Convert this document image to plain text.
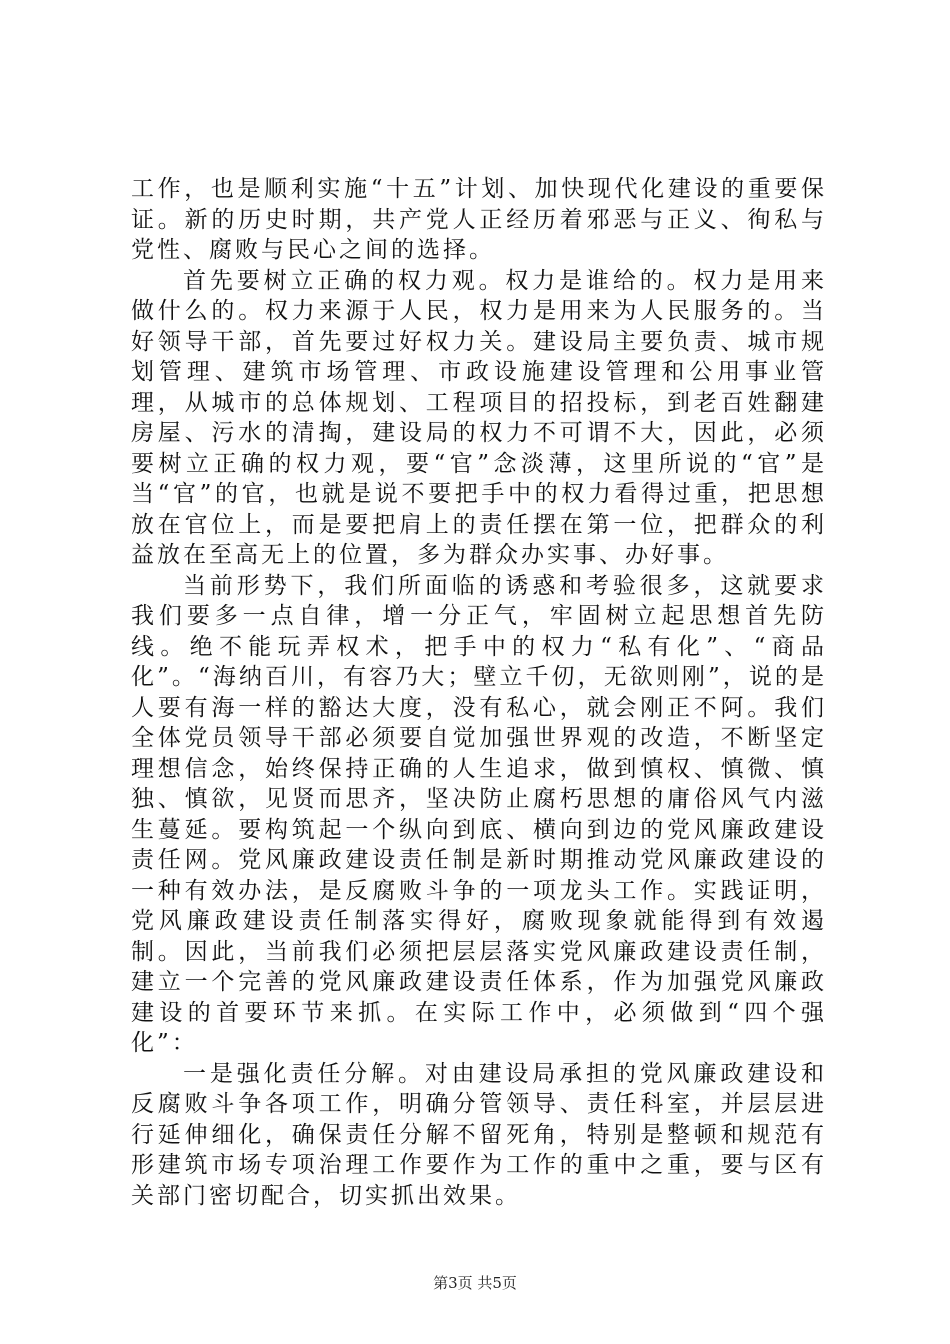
工作，也是顺利实施“十五”计划、加快现代化建设的重要保证。新的历史时期，共产党人正经历着邪恶与正义、徇私与党性、腐败与民心之间的选择。

首先要树立正确的权力观。权力是谁给的。权力是用来做什么的。权力来源于人民，权力是用来为人民服务的。当好领导干部，首先要过好权力关。建设局主要负责、城市规划管理、建筑市场管理、市政设施建设管理和公用事业管理，从城市的总体规划、工程项目的招投标，到老百姓翻建房屋、污水的清掏，建设局的权力不可谓不大，因此，必须要树立正确的权力观，要“官”念淡薄，这里所说的“官”是当“官”的官，也就是说不要把手中的权力看得过重，把思想放在官位上，而是要把肩上的责任摆在第一位，把群众的利益放在至高无上的位置，多为群众办实事、办好事。

当前形势下，我们所面临的诱惑和考验很多，这就要求我们要多一点自律，增一分正气，牢固树立起思想首先防线。绝不能玩弄权术，把手中的权力“私有化”、“商品化”。“海纳百川，有容乃大；壁立千仞，无欲则刚”，说的是人要有海一样的豁达大度，没有私心，就会刚正不阿。我们全体党员领导干部必须要自觉加强世界观的改造，不断坚定理想信念，始终保持正确的人生追求，做到慎权、慎微、慎独、慎欲，见贤而思齐，坚决防止腐朽思想的庸俗风气内滋生蔓延。要构筑起一个纵向到底、横向到边的党风廉政建设责任网。党风廉政建设责任制是新时期推动党风廉政建设的一种有效办法，是反腐败斗争的一项龙头工作。实践证明，党风廉政建设责任制落实得好，腐败现象就能得到有效遏制。因此，当前我们必须把层层落实党风廉政建设责任制，建立一个完善的党风廉政建设责任体系，作为加强党风廉政建设的首要环节来抓。在实际工作中，必须做到“四个强化”：

一是强化责任分解。对由建设局承担的党风廉政建设和反腐败斗争各项工作，明确分管领导、责任科室，并层层进行延伸细化，确保责任分解不留死角，特别是整顿和规范有形建筑市场专项治理工作要作为工作的重中之重，要与区有关部门密切配合，切实抓出效果。

第3页 共5页
